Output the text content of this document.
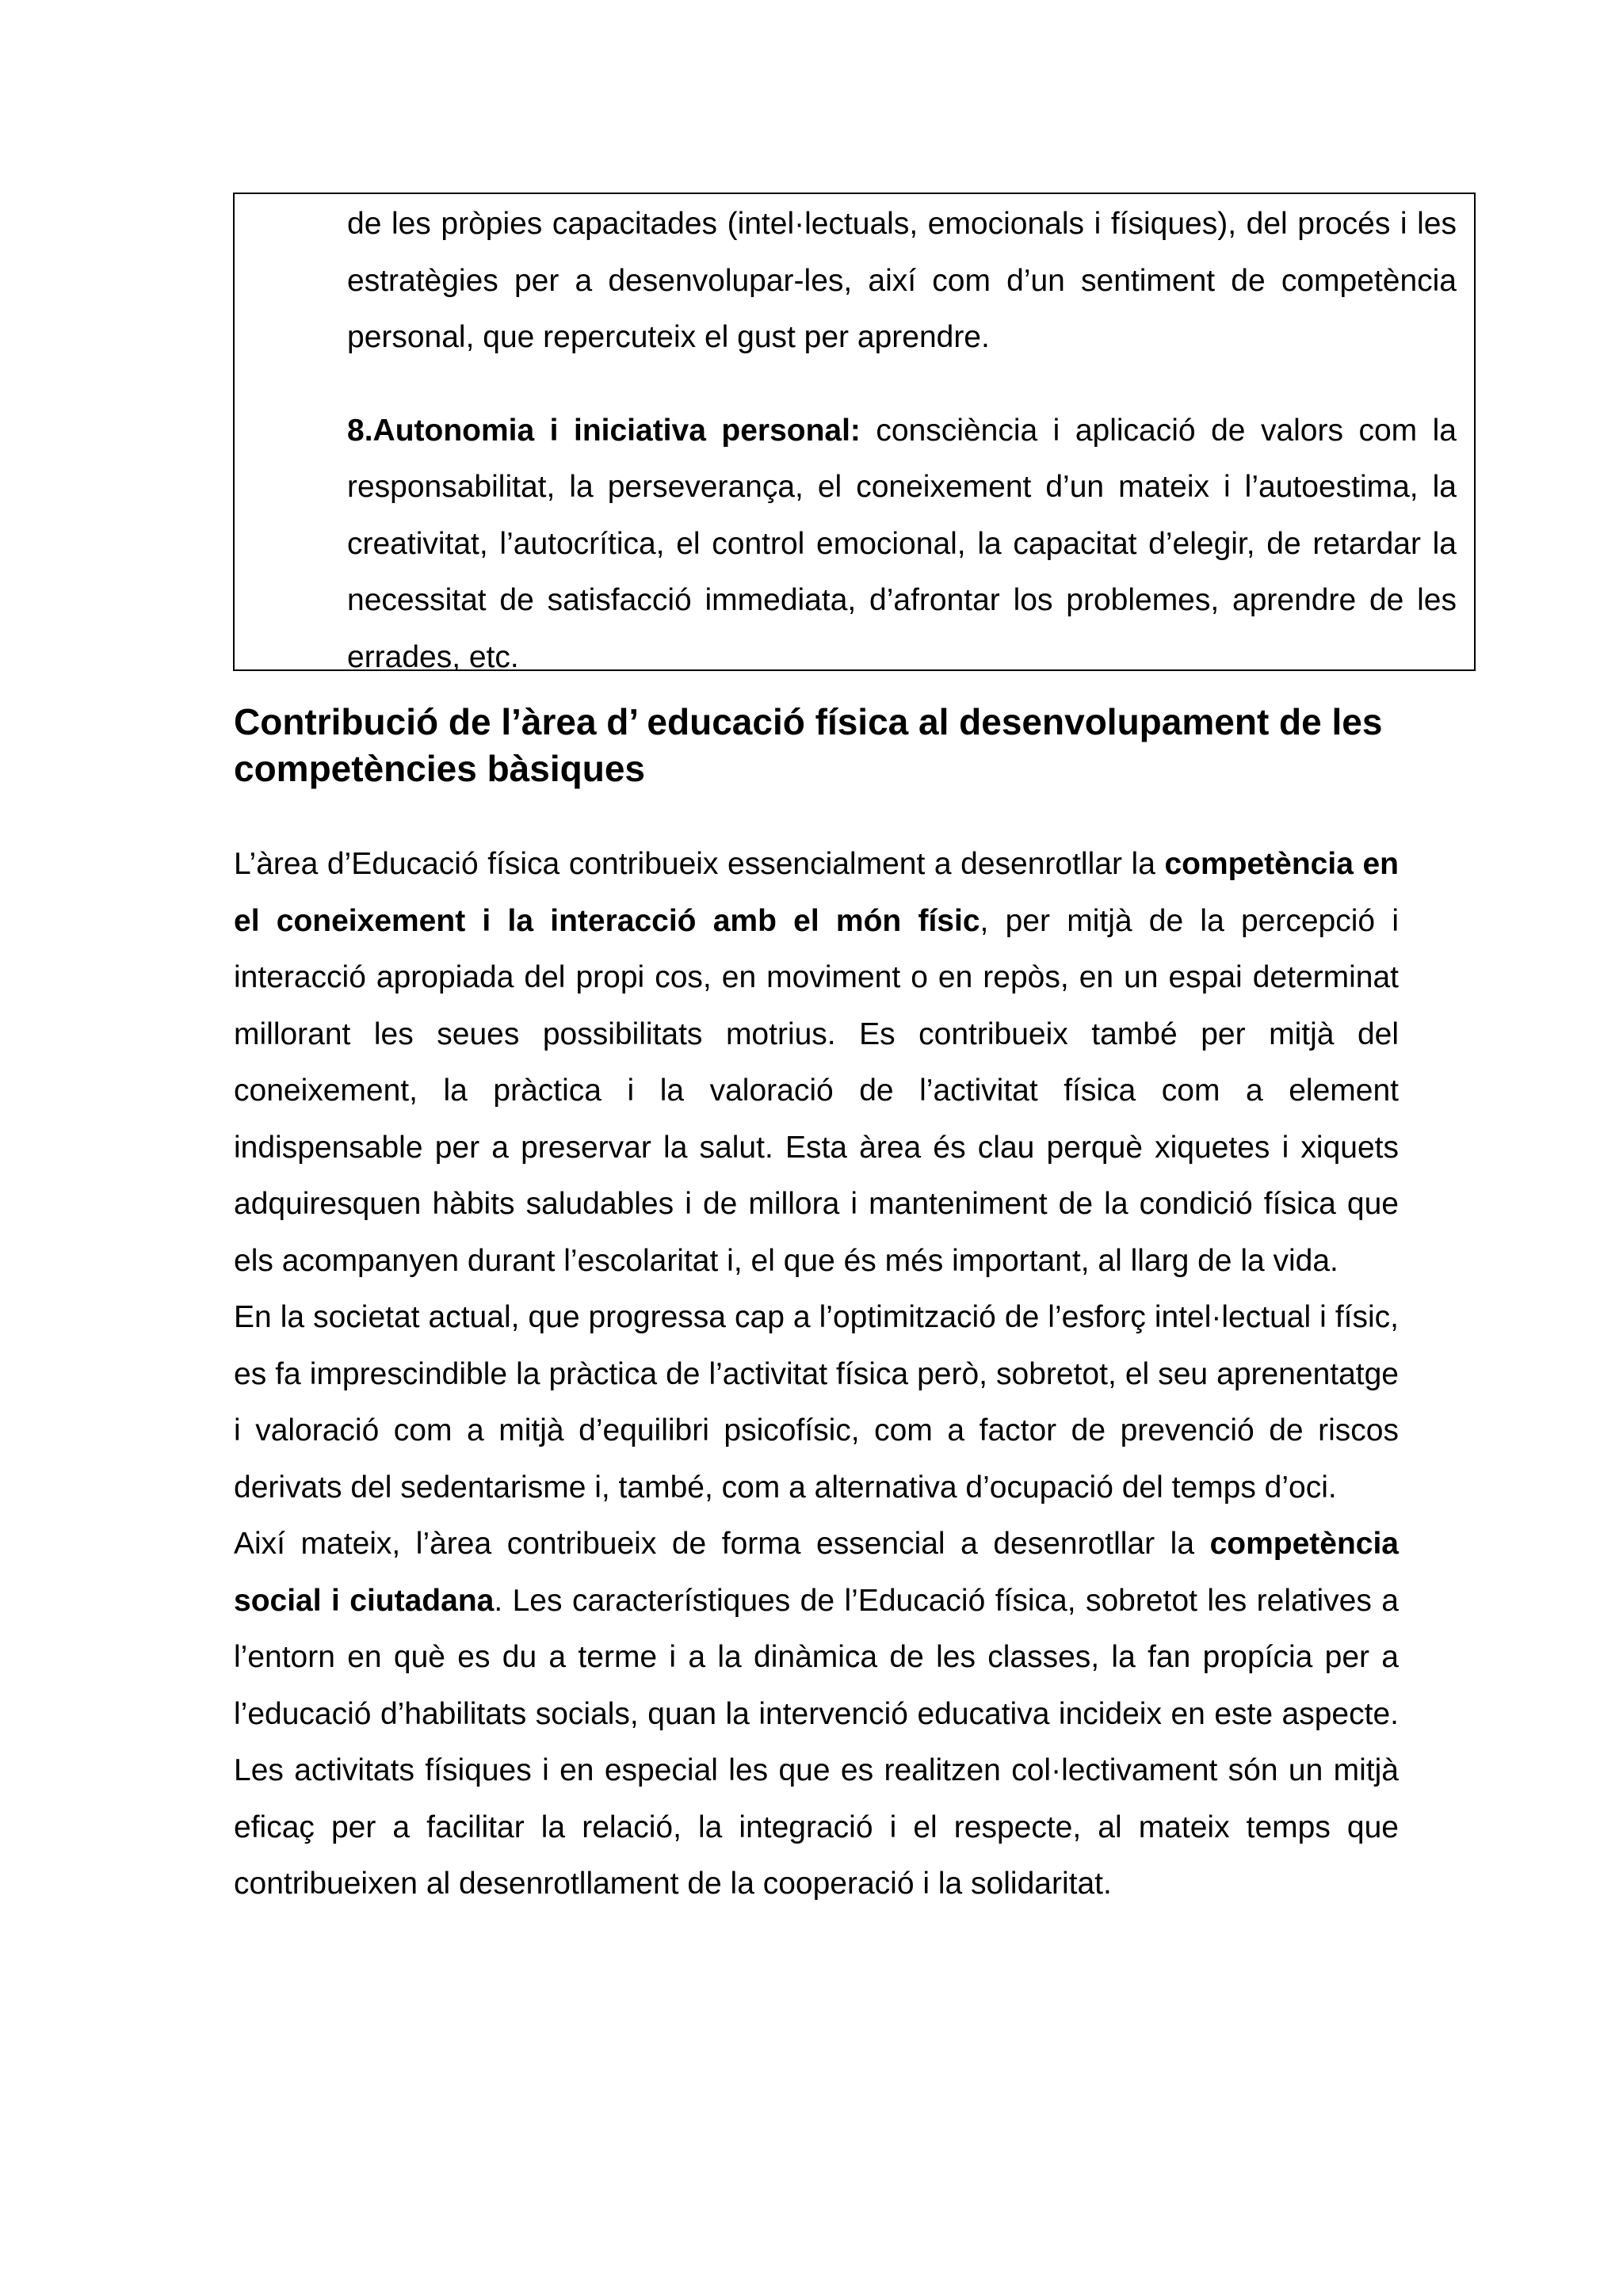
de les pròpies capacitades (intel·lectuals, emocionals i físiques), del procés i les estratègies per a desenvolupar-les, així com d’un sentiment de competència personal, que repercuteix el gust per aprendre.

8.Autonomia i iniciativa personal: consciència i aplicació de valors com la responsabilitat, la perseverança, el coneixement d’un mateix i l’autoestima, la creativitat, l’autocrítica, el control emocional, la capacitat d’elegir, de retardar la necessitat de satisfacció immediata, d’afrontar los problemes, aprendre de les errades, etc.

Contribució de l’àrea d’ educació física al desenvolupament de les competències bàsiques

L’àrea d’Educació física contribueix essencialment a desenrotllar la competència en el coneixement i la interacció amb el món físic, per mitjà de la percepció i interacció apropiada del propi cos, en moviment o en repòs, en un espai determinat millorant les seues possibilitats motrius. Es contribueix també per mitjà del coneixement, la pràctica i la valoració de l’activitat física com a element indispensable per a preservar la salut. Esta àrea és clau perquè xiquetes i xiquets adquiresquen hàbits saludables i de millora i manteniment de la condició física que els acompanyen durant l’escolaritat i, el que és més important, al llarg de la vida.

En la societat actual, que progressa cap a l’optimització de l’esforç intel·lectual i físic, es fa imprescindible la pràctica de l’activitat física però, sobretot, el seu aprenentatge i valoració com a mitjà d’equilibri psicofísic, com a factor de prevenció de riscos derivats del sedentarisme i, també, com a alternativa d’ocupació del temps d’oci.

Així mateix, l’àrea contribueix de forma essencial a desenrotllar la competència social i ciutadana. Les característiques de l’Educació física, sobretot les relatives a l’entorn en què es du a terme i a la dinàmica de les classes, la fan propícia per a l’educació d’habilitats socials, quan la intervenció educativa incideix en este aspecte. Les activitats físiques i en especial les que es realitzen col·lectivament són un mitjà eficaç per a facilitar la relació, la integració i el respecte, al mateix temps que contribueixen al desenrotllament de la cooperació i la solidaritat.
